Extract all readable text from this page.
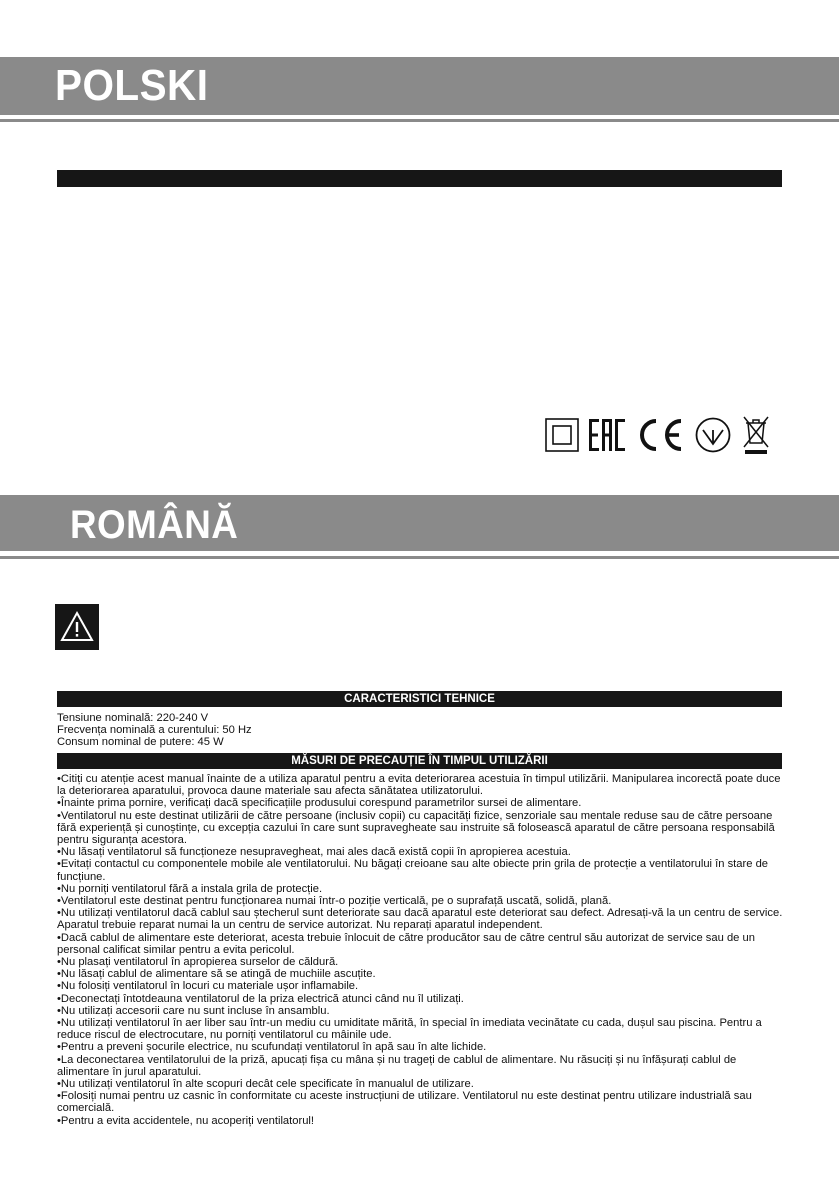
POLSKI
ROMÂNĂ
CARACTERISTICI TEHNICE

Tensiune nominală: 220-240 V

Frecvența nominală a curentului: 50 Hz

Consum nominal de putere: 45 W

MĂSURI DE PRECAUȚIE ÎN TIMPUL UTILIZĂRII

•Citiți cu atenție acest manual înainte de a utiliza aparatul pentru a evita deteriorarea acestuia în timpul utilizării. Manipularea incorectă poate duce la deteriorarea aparatului, provoca daune materiale sau afecta sănătatea utilizatorului.

•Înainte prima pornire, verificați dacă specificațiile produsului corespund parametrilor sursei de alimentare.

•Ventilatorul nu este destinat utilizării de către persoane (inclusiv copii) cu capacități fizice, senzoriale sau mentale reduse sau de către persoane fără experiență și cunoștințe, cu excepția cazului în care sunt supravegheate sau instruite să folosească aparatul de către persoana responsabilă pentru siguranța acestora.

•Nu lăsați ventilatorul să funcționeze nesupravegheat, mai ales dacă există copii în apropierea acestuia.

•Evitați contactul cu componentele mobile ale ventilatorului. Nu băgați creioane sau alte obiecte prin grila de protecție a ventilatorului în stare de funcțiune.

•Nu porniți ventilatorul fără a instala grila de protecție.

•Ventilatorul este destinat pentru funcționarea numai într-o poziție verticală, pe o suprafață uscată, solidă, plană.

•Nu utilizați ventilatorul dacă cablul sau ștecherul sunt deteriorate sau dacă aparatul este deteriorat sau defect. Adresați-vă la un centru de service. Aparatul trebuie reparat numai la un centru de service autorizat. Nu reparați aparatul independent.

•Dacă cablul de alimentare este deteriorat, acesta trebuie înlocuit de către producător sau de către centrul său autorizat de service sau de un personal calificat similar pentru a evita pericolul.

•Nu plasați ventilatorul în apropierea surselor de căldură.

•Nu lăsați cablul de alimentare să se atingă de muchiile ascuțite.

•Nu folosiți ventilatorul în locuri cu materiale ușor inflamabile.

•Deconectați întotdeauna ventilatorul de la priza electrică atunci când nu îl utilizați.

•Nu utilizați accesorii care nu sunt incluse în ansamblu.

•Nu utilizați ventilatorul în aer liber sau într-un mediu cu umiditate mărită, în special în imediata vecinătate cu cada, dușul sau piscina. Pentru a reduce riscul de electrocutare, nu porniți ventilatorul cu mâinile ude.

•Pentru a preveni șocurile electrice, nu scufundați ventilatorul în apă sau în alte lichide.

•La deconectarea ventilatorului de la priză, apucați fișa cu mâna și nu trageți de cablul de alimentare. Nu răsuciți și nu înfășurați cablul de alimentare în jurul aparatului.

•Nu utilizați ventilatorul în alte scopuri decât cele specificate în manualul de utilizare.

•Folosiți numai pentru uz casnic în conformitate cu aceste instrucțiuni de utilizare. Ventilatorul nu este destinat pentru utilizare industrială sau comercială.

•Pentru a evita accidentele, nu acoperiți ventilatorul!
